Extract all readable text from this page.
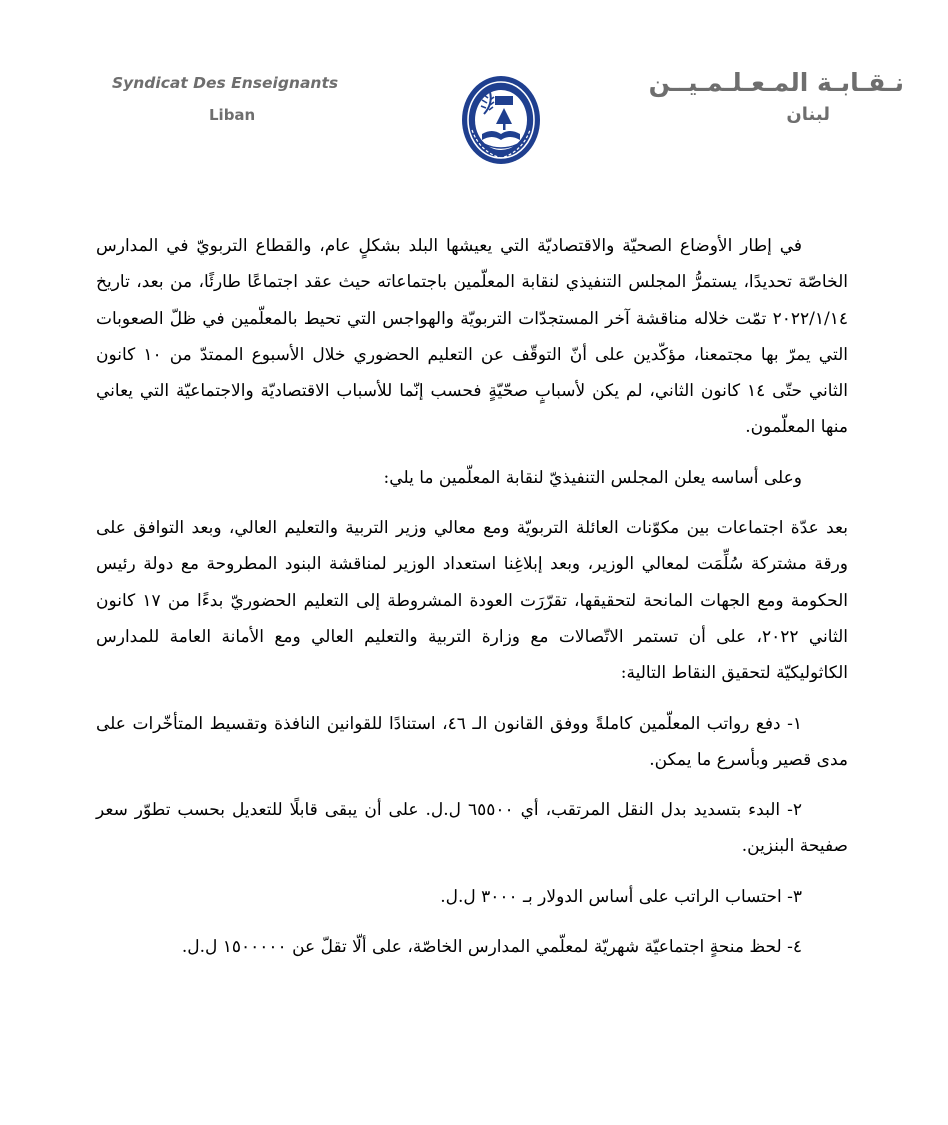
Syndicat Des Enseignants
Liban
نـقـابـة المـعـلـمـيــن
لبنان

في إطار الأوضاع الصحيّة والاقتصاديّة التي يعيشها البلد بشكلٍ عام، والقطاع التربويّ في المدارس الخاصّة تحديدًا، يستمرُّ المجلس التنفيذي لنقابة المعلّمين باجتماعاته حيث عقد اجتماعًا طارئًا، من بعد، تاريخ ٢٠٢٢/١/١٤ تمّت خلاله مناقشة آخر المستجدّات التربويّة والهواجس التي تحيط بالمعلّمين في ظلّ الصعوبات التي يمرّ بها مجتمعنا، مؤكّدين على أنّ التوقّف عن التعليم الحضوري خلال الأسبوع الممتدّ من ١٠ كانون الثاني حتّى ١٤ كانون الثاني، لم يكن لأسبابٍ صحّيّةٍ فحسب إنّما للأسباب الاقتصاديّة والاجتماعيّة التي يعاني منها المعلّمون.

وعلى أساسه يعلن المجلس التنفيذيّ لنقابة المعلّمين ما يلي:

بعد عدّة اجتماعات بين مكوّنات العائلة التربويّة ومع معالي وزير التربية والتعليم العالي، وبعد التوافق على ورقة مشتركة سُلِّمَت لمعالي الوزير، وبعد إبلاغِنا استعداد الوزير لمناقشة البنود المطروحة مع دولة رئيس الحكومة ومع الجهات المانحة لتحقيقها، تقرّرَت العودة المشروطة إلى التعليم الحضوريّ بدءًا من ١٧ كانون الثاني ٢٠٢٢، على أن تستمر الاتّصالات مع وزارة التربية والتعليم العالي ومع الأمانة العامة للمدارس الكاثوليكيّة لتحقيق النقاط التالية:

١- دفع رواتب المعلّمين كاملةً ووفق القانون الـ ٤٦، استنادًا للقوانين النافذة وتقسيط المتأخّرات على مدى قصير وبأسرع ما يمكن.

٢- البدء بتسديد بدل النقل المرتقب، أي ٦٥٥٠٠ ل.ل. على أن يبقى قابلًا للتعديل بحسب تطوّر سعر صفيحة البنزين.

٣- احتساب الراتب على أساس الدولار بـ ٣٠٠٠ ل.ل.

٤- لحظ منحةٍ اجتماعيّة شهريّة لمعلّمي المدارس الخاصّة، على ألّا تقلّ عن ١٥٠٠٠٠٠ ل.ل.
